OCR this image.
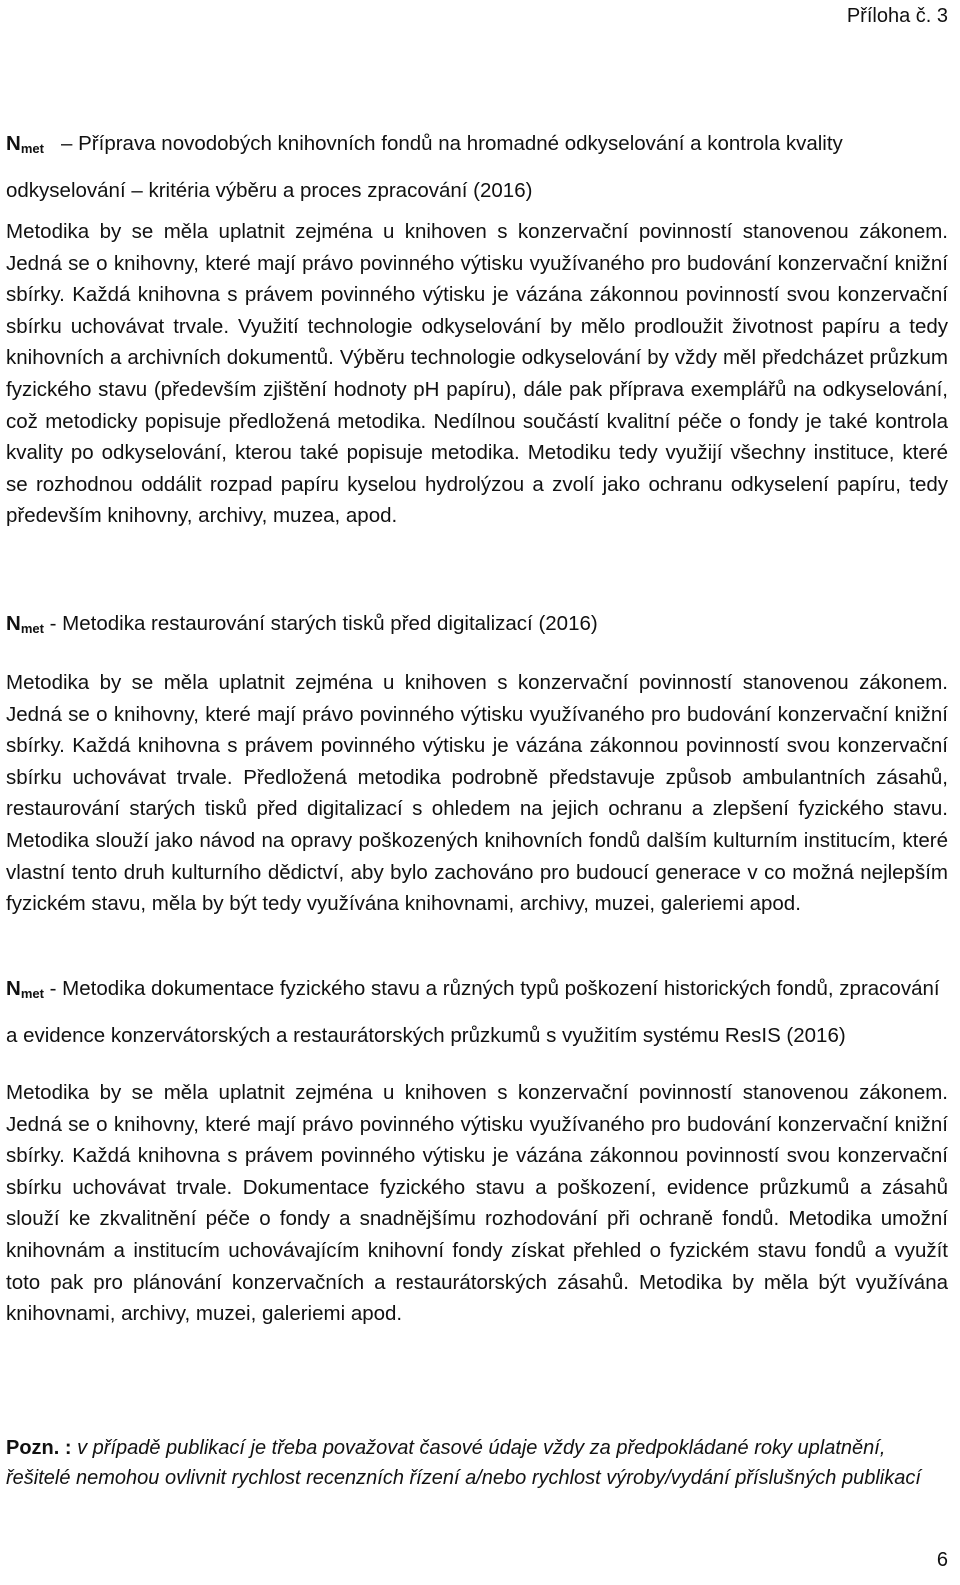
Příloha č. 3

$N_{met}$ – Příprava novodobých knihovních fondů na hromadné odkyselování a kontrola kvality odkyselování – kritéria výběru a proces zpracování (2016)

Metodika by se měla uplatnit zejména u knihoven s konzervační povinností stanovenou zákonem. Jedná se o knihovny, které mají právo povinného výtisku využívaného pro budování konzervační knižní sbírky. Každá knihovna s právem povinného výtisku je vázána zákonnou povinností svou konzervační sbírku uchovávat trvale. Využití technologie odkyselování by mělo prodloužit životnost papíru a tedy knihovních a archivních dokumentů. Výběru technologie odkyselování by vždy měl předcházet průzkum fyzického stavu (především zjištění hodnoty pH papíru), dále pak příprava exemplářů na odkyselování, což metodicky popisuje předložená metodika. Nedílnou součástí kvalitní péče o fondy je také kontrola kvality po odkyselování, kterou také popisuje metodika. Metodiku tedy využijí všechny instituce, které se rozhodnou oddálit rozpad papíru kyselou hydrolýzou a zvolí jako ochranu odkyselení papíru, tedy především knihovny, archivy, muzea, apod.

$N_{met}$ - Metodika restaurování starých tisků před digitalizací (2016)

Metodika by se měla uplatnit zejména u knihoven s konzervační povinností stanovenou zákonem. Jedná se o knihovny, které mají právo povinného výtisku využívaného pro budování konzervační knižní sbírky. Každá knihovna s právem povinného výtisku je vázána zákonnou povinností svou konzervační sbírku uchovávat trvale. Předložená metodika podrobně představuje způsob ambulantních zásahů, restaurování starých tisků před digitalizací s ohledem na jejich ochranu a zlepšení fyzického stavu. Metodika slouží jako návod na opravy poškozených knihovních fondů dalším kulturním institucím, které vlastní tento druh kulturního dědictví, aby bylo zachováno pro budoucí generace v co možná nejlepším fyzickém stavu, měla by být tedy využívána knihovnami, archivy, muzei, galeriemi apod.

$N_{met}$ - Metodika dokumentace fyzického stavu a různých typů poškození historických fondů, zpracování a evidence konzervátorských a restaurátorských průzkumů s využitím systému ResIS (2016)

Metodika by se měla uplatnit zejména u knihoven s konzervační povinností stanovenou zákonem. Jedná se o knihovny, které mají právo povinného výtisku využívaného pro budování konzervační knižní sbírky. Každá knihovna s právem povinného výtisku je vázána zákonnou povinností svou konzervační sbírku uchovávat trvale. Dokumentace fyzického stavu a poškození, evidence průzkumů a zásahů slouží ke zkvalitnění péče o fondy a snadnějšímu rozhodování při ochraně fondů. Metodika umožní knihovnám a institucím uchovávajícím knihovní fondy získat přehled o fyzickém stavu fondů a využít toto pak pro plánování konzervačních a restaurátorských zásahů. Metodika by měla být využívána knihovnami, archivy, muzei, galeriemi apod.

Pozn. : v případě publikací je třeba považovat časové údaje vždy za předpokládané roky uplatnění, řešitelé nemohou ovlivnit rychlost recenzních řízení a/nebo rychlost výroby/vydání příslušných publikací

6
